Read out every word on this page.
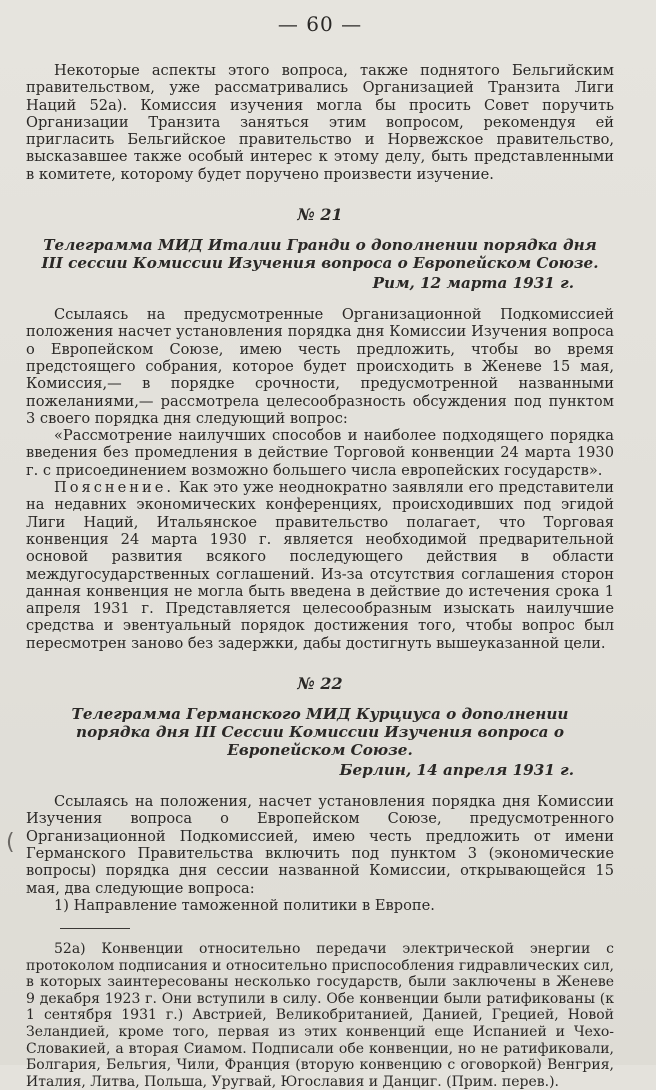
— 60 —

Некоторые аспекты этого вопроса, также поднятого Бельгийским правительством, уже рассматривались Организацией Транзита Лиги Наций 52а). Комиссия изучения могла бы просить Совет поручить Организации Транзита заняться этим вопросом, рекомендуя ей пригласить Бельгийское правительство и Норвежское правительство, высказавшее также особый интерес к этому делу, быть представленными в комитете, которому будет поручено произвести изучение.

№ 21
Телеграмма МИД Италии Гранди о дополнении порядка дня III сессии Комиссии Изучения вопроса о Европейском Союзе.
Рим, 12 марта 1931 г.

Ссылаясь на предусмотренные Организационной Подкомиссией положения насчет установления порядка дня Комиссии Изучения вопроса о Европейском Союзе, имею честь предложить, чтобы во время предстоящего собрания, которое будет происходить в Женеве 15 мая, Комиссия,— в порядке срочности, предусмотренной названными пожеланиями,— рассмотрела целесообразность обсуждения под пунктом 3 своего порядка дня следующий вопрос:

«Рассмотрение наилучших способов и наиболее подходящего порядка введения без промедления в действие Торговой конвенции 24 марта 1930 г. с присоединением возможно большего числа европейских государств».

Пояснение. Как это уже неоднократно заявляли его представители на недавних экономических конференциях, происходивших под эгидой Лиги Наций, Итальянское правительство полагает, что Торговая конвенция 24 марта 1930 г. является необходимой предварительной основой развития всякого последующего действия в области междугосударственных соглашений. Из-за отсутствия соглашения сторон данная конвенция не могла быть введена в действие до истечения срока 1 апреля 1931 г. Представляется целесообразным изыскать наилучшие средства и эвентуальный порядок достижения того, чтобы вопрос был пересмотрен заново без задержки, дабы достигнуть вышеуказанной цели.

№ 22
Телеграмма Германского МИД Курциуса о дополнении порядка дня III Сессии Комиссии Изучения вопроса о Европейском Союзе.
Берлин, 14 апреля 1931 г.

Ссылаясь на положения, насчет установления порядка дня Комиссии Изучения вопроса о Европейском Союзе, предусмотренного Организационной Подкомиссией, имею честь предложить от имени Германского Правительства включить под пунктом 3 (экономические вопросы) порядка дня сессии названной Комиссии, открывающейся 15 мая, два следующие вопроса:

1) Направление таможенной политики в Европе.

52а) Конвенции относительно передачи электрической энергии с протоколом подписания и относительно приспособления гидравлических сил, в которых заинтересованы несколько государств, были заключены в Женеве 9 декабря 1923 г. Они вступили в силу. Обе конвенции были ратификованы (к 1 сентября 1931 г.) Австрией, Великобританией, Данией, Грецией, Новой Зеландией, кроме того, первая из этих конвенций еще Испанией и Чехо-Словакией, а вторая Сиамом. Подписали обе конвенции, но не ратификовали, Болгария, Бельгия, Чили, Франция (вторую конвенцию с оговоркой) Венгрия, Италия, Литва, Польша, Уругвай, Югославия и Данциг. (Прим. перев.).

(
